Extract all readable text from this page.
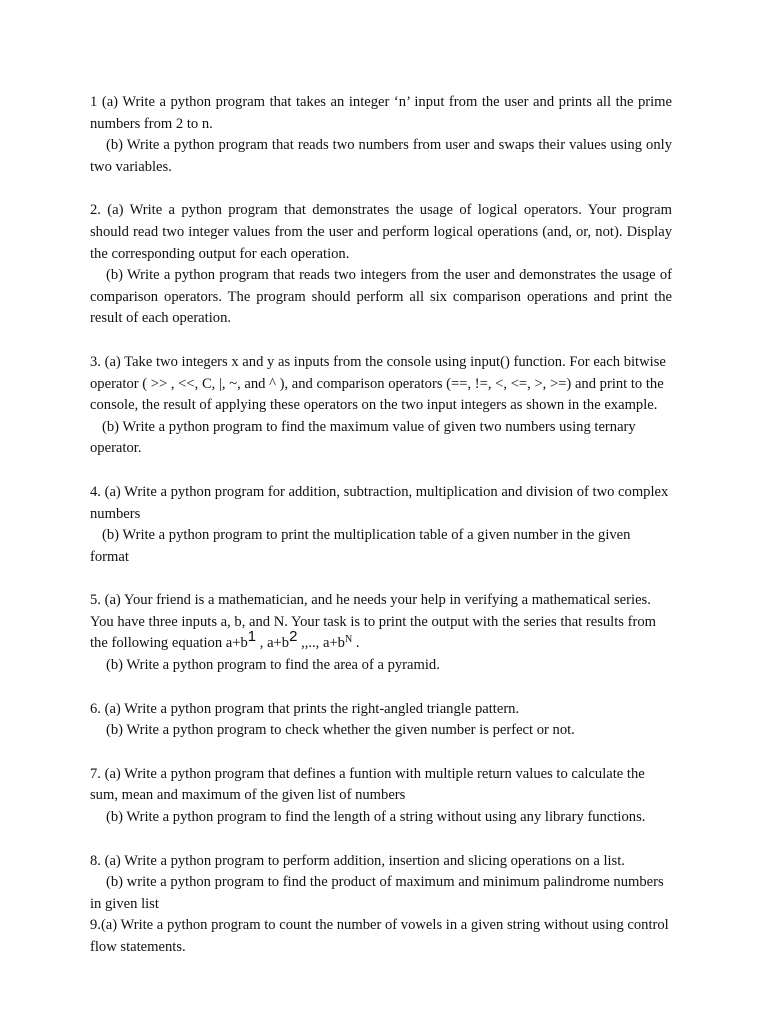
1 (a) Write a python program that takes an integer ‘n’ input from the user and prints all the prime numbers from 2 to n.

(b) Write a python program that reads two numbers from user and swaps their values using only two variables.

2. (a) Write a python program that demonstrates the usage of logical operators. Your program should read two integer values from the user and perform logical operations (and, or, not). Display the corresponding output for each operation.

(b) Write a python program that reads two integers from the user and demonstrates the usage of comparison operators. The program should perform all six comparison operations and print the result of each operation.

3. (a) Take two integers x and y as inputs from the console using input() function. For each bitwise operator ( >> , <<, C, |, ~, and ^ ), and comparison operators (==, !=, <, <=, >, >=) and print to the console, the result of applying these operators on the two input integers as shown in the example.

(b) Write a python program to find the maximum value of given two numbers using ternary operator.

4. (a) Write a python program for addition, subtraction, multiplication and division of two complex numbers

(b) Write a python program to print the multiplication table of a given number in the given format

5. (a) Your friend is a mathematician, and he needs your help in verifying a mathematical series. You have three inputs a, b, and N. Your task is to print the output with the series that results from the following equation $a+b^1$ , $a+b^2$ ,,.., $a+b^N$ .

(b) Write a python program to find the area of a pyramid.

6. (a) Write a python program that prints the right-angled triangle pattern.

(b) Write a python program to check whether the given number is perfect or not.

7. (a) Write a python program that defines a funtion with multiple return values to calculate the sum, mean and maximum of the given list of numbers

(b) Write a python program to find the length of a string without using any library functions.

8. (a) Write a python program to perform addition, insertion and slicing operations on a list.

(b) write a python program to find the product of maximum and minimum palindrome numbers in given list

9.(a) Write a python program to count the number of vowels in a given string without using control flow statements.
